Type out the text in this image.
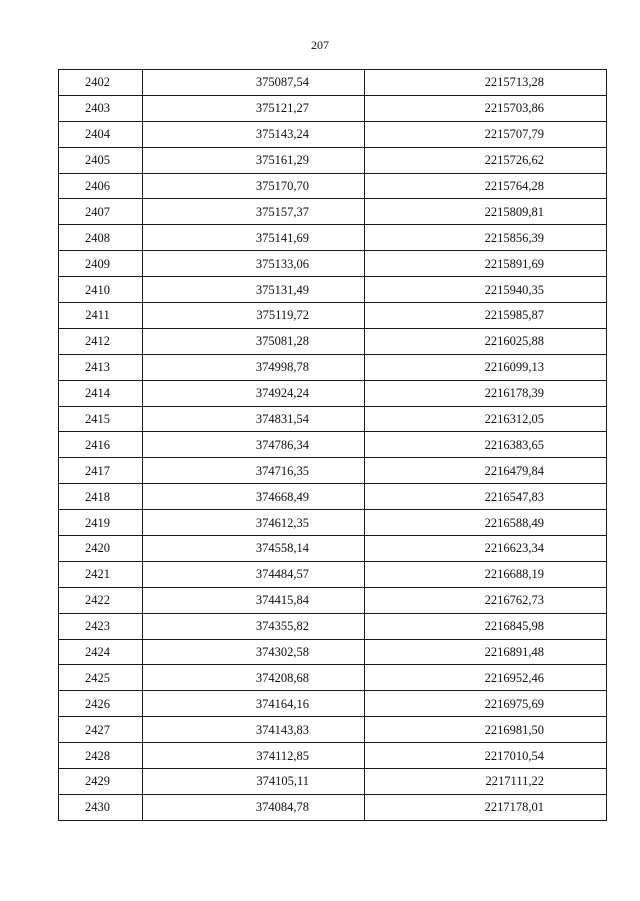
207
2402	375087,54	2215713,28
2403	375121,27	2215703,86
2404	375143,24	2215707,79
2405	375161,29	2215726,62
2406	375170,70	2215764,28
2407	375157,37	2215809,81
2408	375141,69	2215856,39
2409	375133,06	2215891,69
2410	375131,49	2215940,35
2411	375119,72	2215985,87
2412	375081,28	2216025,88
2413	374998,78	2216099,13
2414	374924,24	2216178,39
2415	374831,54	2216312,05
2416	374786,34	2216383,65
2417	374716,35	2216479,84
2418	374668,49	2216547,83
2419	374612,35	2216588,49
2420	374558,14	2216623,34
2421	374484,57	2216688,19
2422	374415,84	2216762,73
2423	374355,82	2216845,98
2424	374302,58	2216891,48
2425	374208,68	2216952,46
2426	374164,16	2216975,69
2427	374143,83	2216981,50
2428	374112,85	2217010,54
2429	374105,11	2217111,22
2430	374084,78	2217178,01
